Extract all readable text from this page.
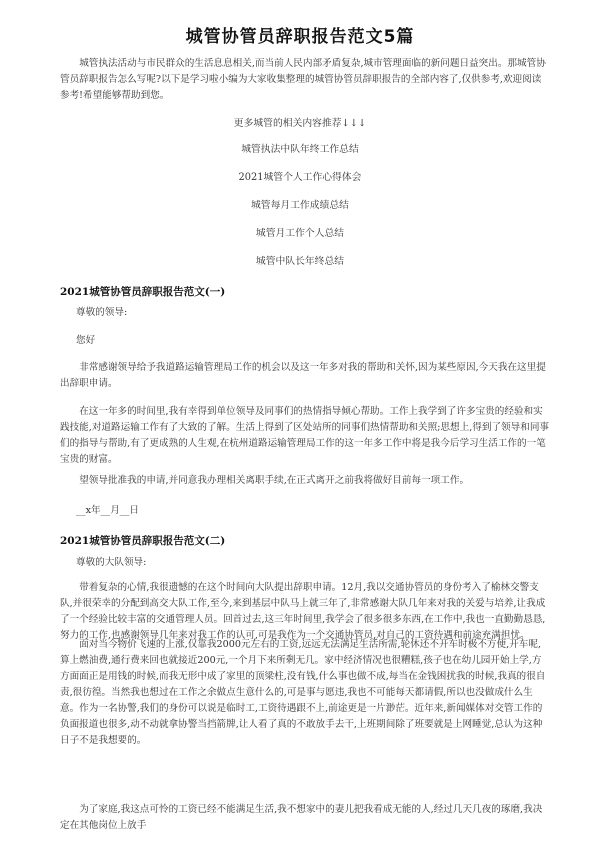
城管协管员辞职报告范文5篇

城管执法活动与市民群众的生活息息相关,而当前人民内部矛盾复杂,城市管理面临的新问题日益突出。那城管协管员辞职报告怎么写呢?以下是学习啦小编为大家收集整理的城管协管员辞职报告的全部内容了,仅供参考,欢迎阅读参考!希望能够帮助到您。

更多城管的相关内容推荐↓↓↓

城管执法中队年终工作总结

2021城管个人工作心得体会

城管每月工作成绩总结

城管月工作个人总结

城管中队长年终总结

2021城管协管员辞职报告范文(一)

尊敬的领导:

您好

非常感谢领导给予我道路运输管理局工作的机会以及这一年多对我的帮助和关怀,因为某些原因,今天我在这里提出辞职申请。

在这一年多的时间里,我有幸得到单位领导及同事们的热情指导倾心帮助。工作上我学到了许多宝贵的经验和实践技能,对道路运输工作有了大致的了解。生活上得到了区处站所的同事们热情帮助和关照;思想上,得到了领导和同事们的指导与帮助,有了更成熟的人生观,在杭州道路运输管理局工作的这一年多工作中将是我今后学习生活工作的一笔宝贵的财富。

望领导批准我的申请,并同意我办理相关离职手续,在正式离开之前我将做好目前每一项工作。

__x年__月__日

2021城管协管员辞职报告范文(二)

尊敬的大队领导:

带着复杂的心情,我很遗憾的在这个时间向大队提出辞职申请。12月,我以交通协管员的身份考入了榆林交警支队,并很荣幸的分配到高交大队工作,至今,来到基层中队马上就三年了,非常感谢大队几年来对我的关爱与培养,让我成了一个经验比较丰富的交通管理人员。回首过去,这三年时间里,我学会了很多很多东西,在工作中,我也一直勤勤恳恳,努力的工作,也感谢领导几年来对我工作的认可,可是我作为一个交通协管员,对自己的工资待遇和前途充满担忧。

面对当今物价飞速的上涨,仅靠我2000元左右的工资,远远无法满足生活所需,轮休还不开车时极不方便,开车呢,算上燃油费,通行费来回也就接近200元,一个月下来所剩无几。家中经济情况也很糟糕,孩子也在幼儿园开始上学,方方面面正是用钱的时候,而我无形中成了家里的顶梁柱,没有钱,什么事也做不成,每当在金钱困扰我的时候,我真的很自责,很彷徨。当然我也想过在工作之余做点生意什么的,可是事与愿违,我也不可能每天都请假,所以也没做成什么生意。作为一名协警,我们的身份可以说是临时工,工资待遇跟不上,前途更是一片渺茫。近年来,新闻媒体对交管工作的负面报道也很多,动不动就拿协警当挡箭牌,让人看了真的不敢放手去干,上班期间除了班要就是上网睡觉,总认为这种日子不是我想要的。

为了家庭,我这点可怜的工资已经不能满足生活,我不想家中的妻儿把我看成无能的人,经过几天几夜的琢磨,我决定在其他岗位上放手
